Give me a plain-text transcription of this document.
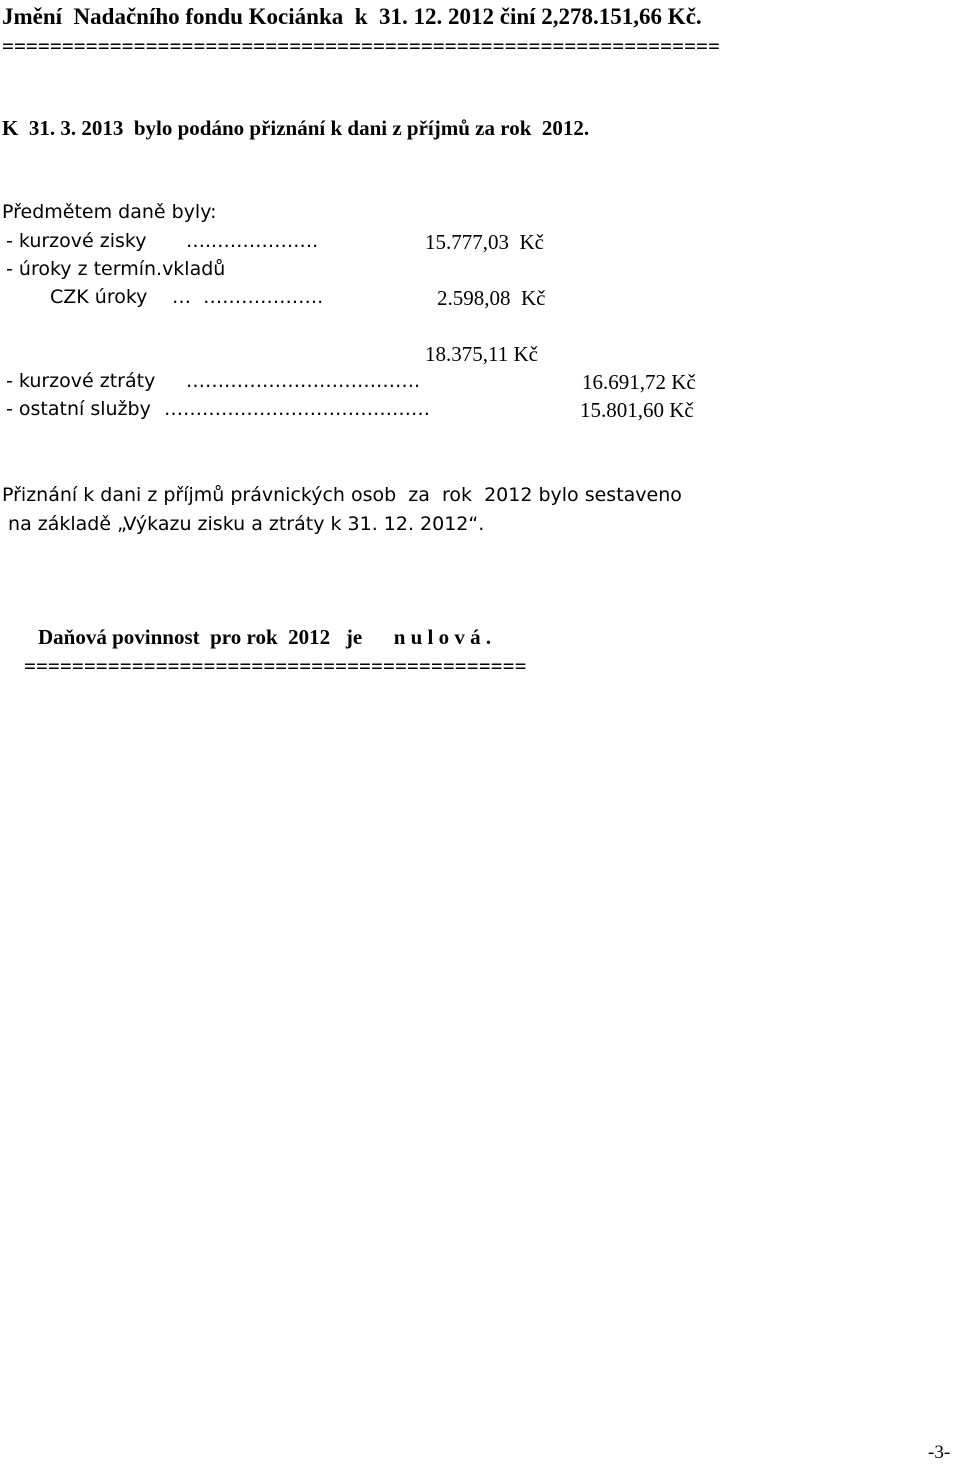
Jmění  Nadačního fondu Kociánka  k  31. 12. 2012 činí 2,278.151,66 Kč.
============================================================
K  31. 3. 2013  bylo podáno přiznání k dani z příjmů za rok  2012.
Předmětem daně byly:
- kurzové zisky …..…………….	15.777,03  Kč
- úroky z termín.vkladů
CZK úroky …  ……………….	2.598,08  Kč
18.375,11 Kč
- kurzové ztráty ……………………………….	16.691,72 Kč
- ostatní služby ……………………………………	15.801,60 Kč
Přiznání k dani z příjmů právnických osob  za  rok  2012 bylo sestaveno
na základě „Výkazu zisku a ztráty k 31. 12. 2012“.
Daňová povinnost  pro rok  2012   je      n u l o v á .
==========================================
-3-
